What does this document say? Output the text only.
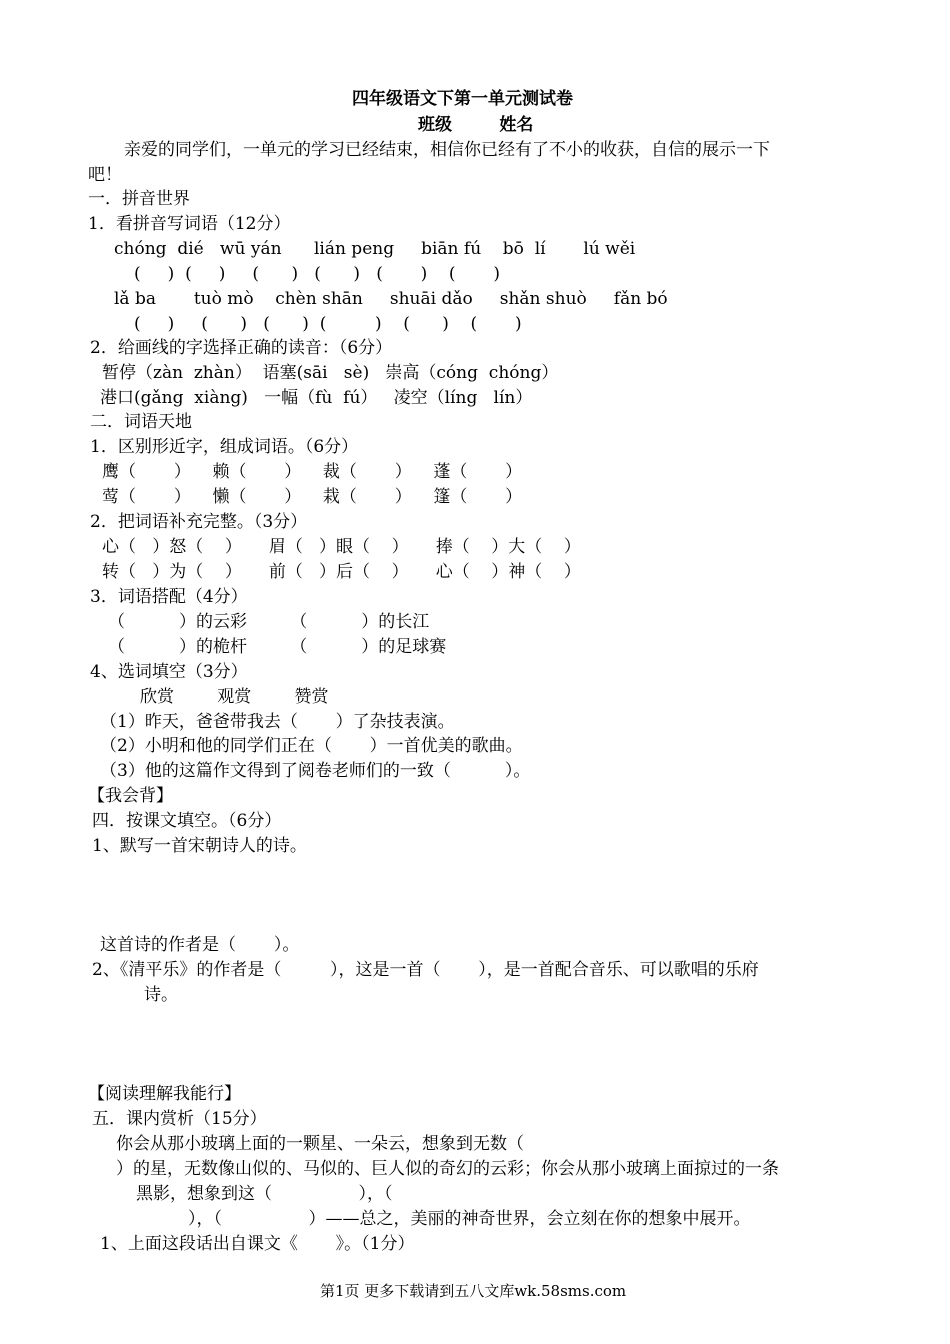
四年级语文下第一单元测试卷
班级        姓名
亲爱的同学们，一单元的学习已经结束，相信你已经有了不小的收获，自信的展示一下
吧！
一．拼音世界
1．看拼音写词语（12分）
chóng  dié   wū yán      lián peng     biān fú    bō  lí       lú wěi
(     )  (     )     (      )   (      )   (       )    (       )
lǎ ba       tuò mò    chèn shān     shuāi dǎo     shǎn shuò     fǎn bó
(     )     (      )   (      )  (         )    (      )    (       )
2．给画线的字选择正确的读音：（6分）
暂停（zàn  zhàn）  语塞(sāi   sè)   崇高（cóng  chóng）
港口(gǎng  xiàng)   一幅（fù  fú）   凌空（líng   lín）
二．词语天地
1．区别形近字，组成词语。（6分）
鹰（       ）    赖（       ）    裁（       ）    蓬（       ）
莺（       ）    懒（       ）    栽（       ）    篷（       ）
2．把词语补充完整。（3分）
心（   ）怒（    ）     眉（   ）眼（    ）     捧（    ）大（    ）
转（   ）为（    ）     前（   ）后（    ）     心（    ）神（    ）
3．词语搭配（4分）
（          ）的云彩        （          ）的长江
（          ）的桅杆        （          ）的足球赛
4、选词填空（3分）
欣赏        观赏        赞赏
（1）昨天，爸爸带我去（       ）了杂技表演。
（2）小明和他的同学们正在（       ）一首优美的歌曲。
（3）他的这篇作文得到了阅卷老师们的一致（          ）。
【我会背】
四．按课文填空。（6分）
1、默写一首宋朝诗人的诗。
这首诗的作者是（       ）。
2、《清平乐》的作者是（         ），这是一首（       ），是一首配合音乐、可以歌唱的乐府
诗。
【阅读理解我能行】
五．课内赏析（15分）
你会从那小玻璃上面的一颗星、一朵云，想象到无数（
）的星，无数像山似的、马似的、巨人似的奇幻的云彩；你会从那小玻璃上面掠过的一条
黑影，想象到这（                ），（
），（                ）——总之，美丽的神奇世界，会立刻在你的想象中展开。
1、上面这段话出自课文《       》。（1分）
第1页 更多下载请到五八文库wk.58sms.com
